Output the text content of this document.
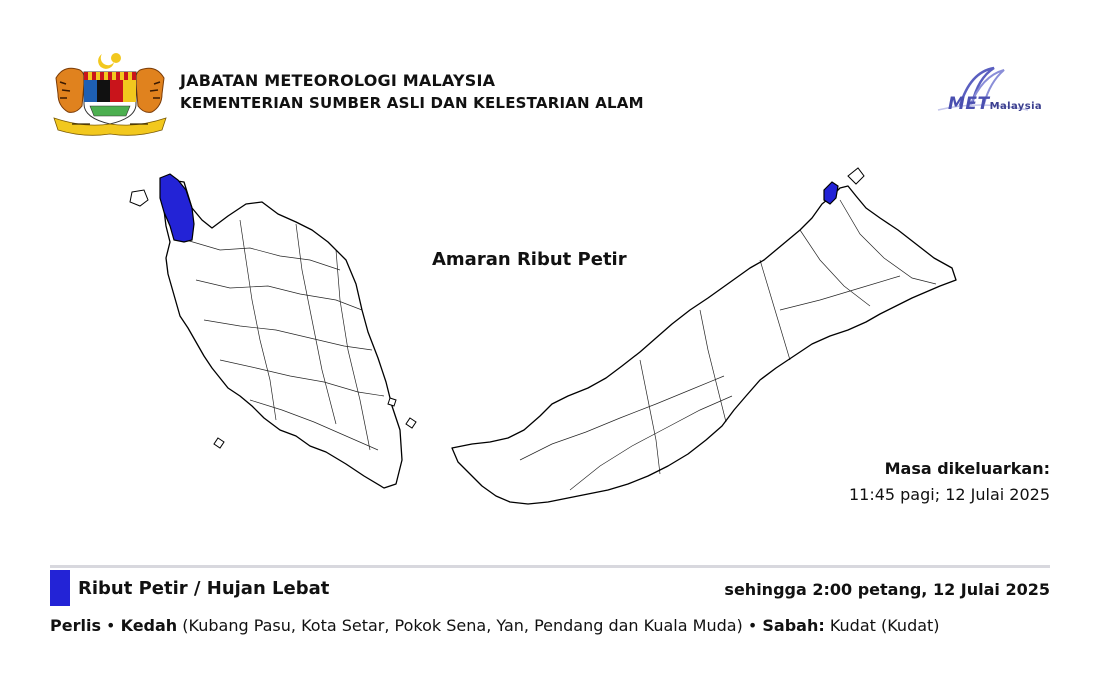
JABATAN METEOROLOGI MALAYSIA
KEMENTERIAN SUMBER ASLI DAN KELESTARIAN ALAM	METMalaysia
Amaran Ribut Petir
Masa dikeluarkan:
11:45 pagi; 12 Julai 2025
Ribut Petir / Hujan Lebat	sehingga 2:00 petang, 12 Julai 2025
Perlis • Kedah (Kubang Pasu, Kota Setar, Pokok Sena, Yan, Pendang dan Kuala Muda) • Sabah: Kudat (Kudat)
